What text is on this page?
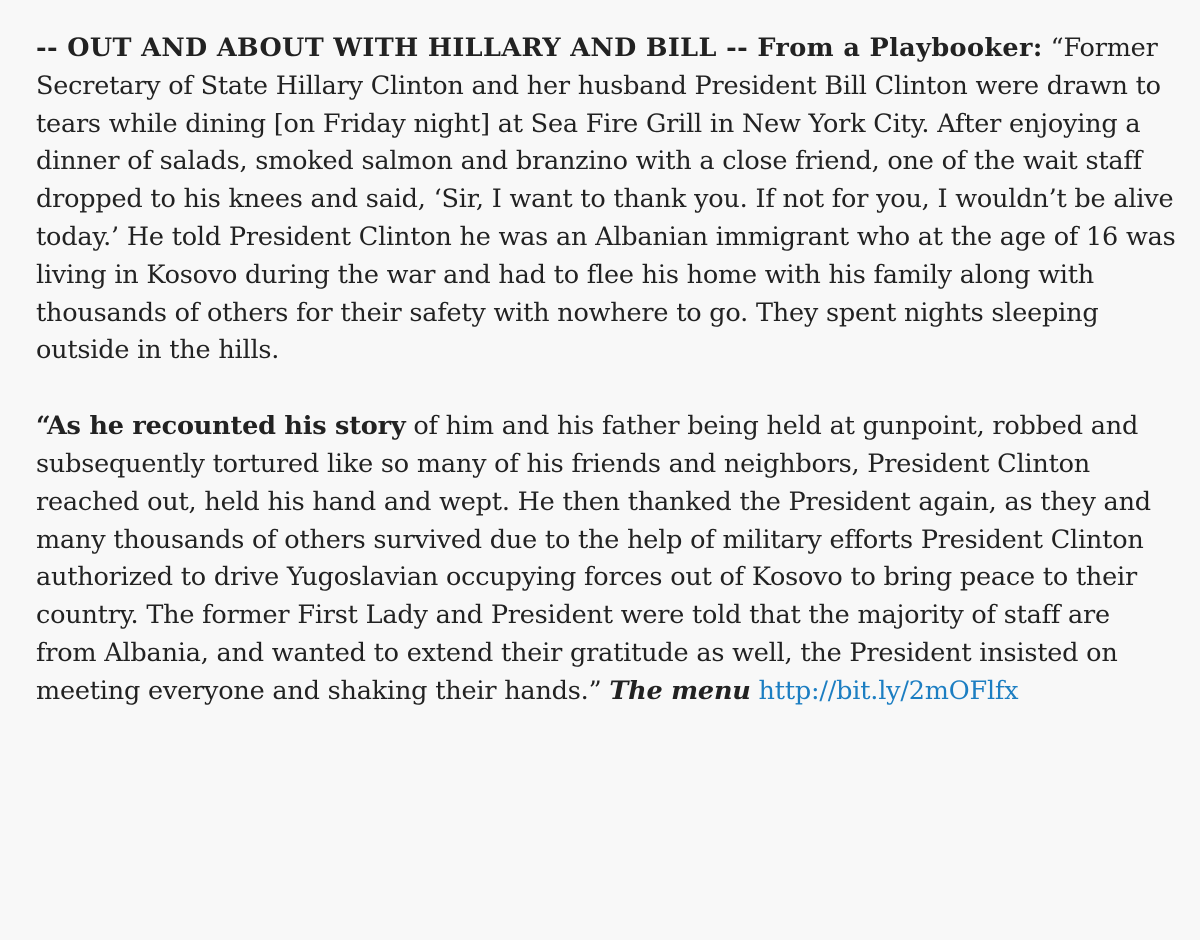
-- OUT AND ABOUT WITH HILLARY AND BILL -- From a Playbooker: “Former Secretary of State Hillary Clinton and her husband President Bill Clinton were drawn to tears while dining [on Friday night] at Sea Fire Grill in New York City. After enjoying a dinner of salads, smoked salmon and branzino with a close friend, one of the wait staff dropped to his knees and said, ‘Sir, I want to thank you. If not for you, I wouldn’t be alive today.’ He told President Clinton he was an Albanian immigrant who at the age of 16 was living in Kosovo during the war and had to flee his home with his family along with thousands of others for their safety with nowhere to go. They spent nights sleeping outside in the hills.

“As he recounted his story of him and his father being held at gunpoint, robbed and subsequently tortured like so many of his friends and neighbors, President Clinton reached out, held his hand and wept. He then thanked the President again, as they and many thousands of others survived due to the help of military efforts President Clinton authorized to drive Yugoslavian occupying forces out of Kosovo to bring peace to their country. The former First Lady and President were told that the majority of staff are from Albania, and wanted to extend their gratitude as well, the President insisted on meeting everyone and shaking their hands.” The menu http://bit.ly/2mOFlfx
